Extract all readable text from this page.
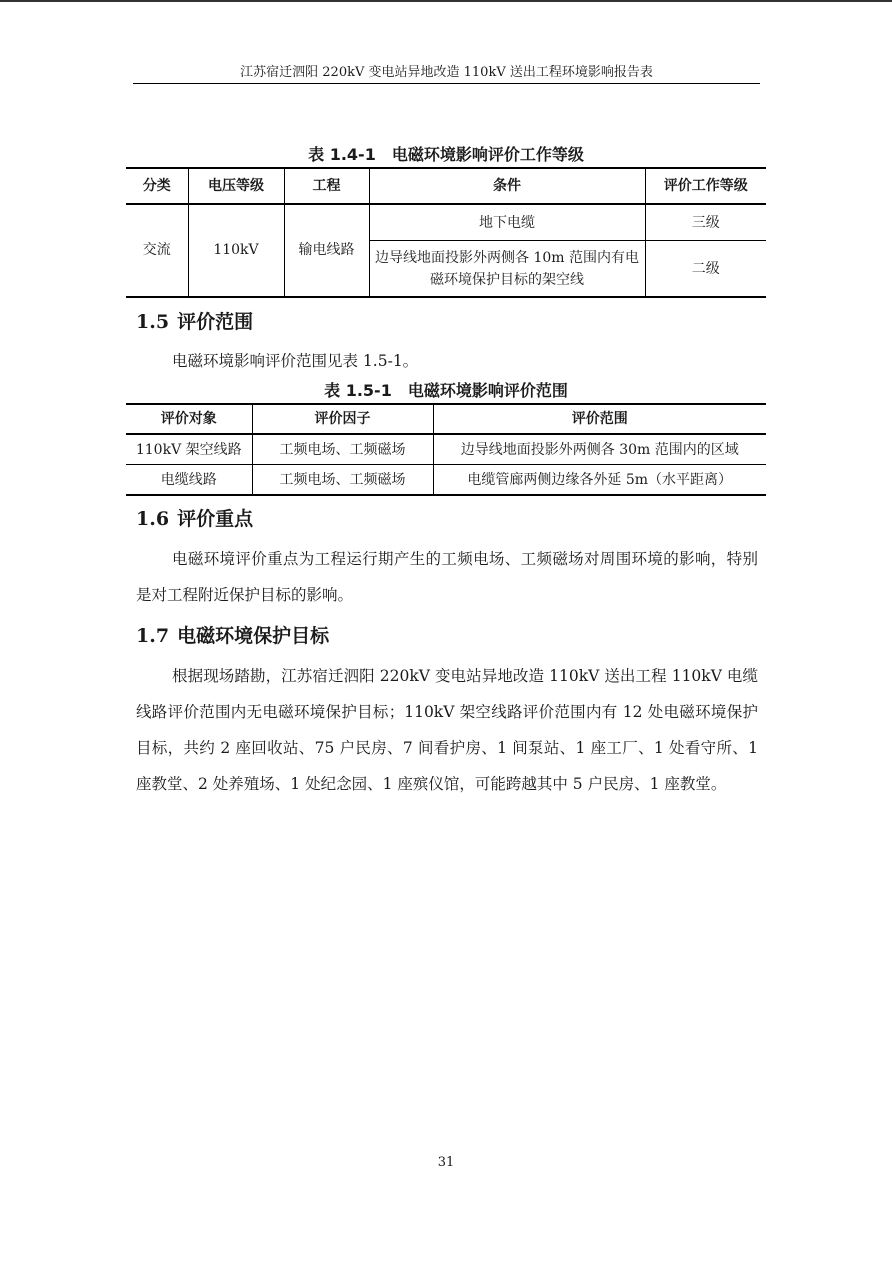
江苏宿迁泗阳 220kV 变电站异地改造 110kV 送出工程环境影响报告表
表 1.4-1　电磁环境影响评价工作等级
分类	电压等级	工程	条件	评价工作等级
交流	110kV	输电线路	地下电缆	三级
			边导线地面投影外两侧各 10m 范围内有电磁环境保护目标的架空线	二级
1.5 评价范围
电磁环境影响评价范围见表 1.5-1。
表 1.5-1　电磁环境影响评价范围
评价对象	评价因子	评价范围
110kV 架空线路	工频电场、工频磁场	边导线地面投影外两侧各 30m 范围内的区域
电缆线路	工频电场、工频磁场	电缆管廊两侧边缘各外延 5m（水平距离）
1.6 评价重点
电磁环境评价重点为工程运行期产生的工频电场、工频磁场对周围环境的影响，特别是对工程附近保护目标的影响。
1.7 电磁环境保护目标
根据现场踏勘，江苏宿迁泗阳 220kV 变电站异地改造 110kV 送出工程 110kV 电缆线路评价范围内无电磁环境保护目标；110kV 架空线路评价范围内有 12 处电磁环境保护目标，共约 2 座回收站、75 户民房、7 间看护房、1 间泵站、1 座工厂、1 处看守所、1 座教堂、2 处养殖场、1 处纪念园、1 座殡仪馆，可能跨越其中 5 户民房、1 座教堂。
31
